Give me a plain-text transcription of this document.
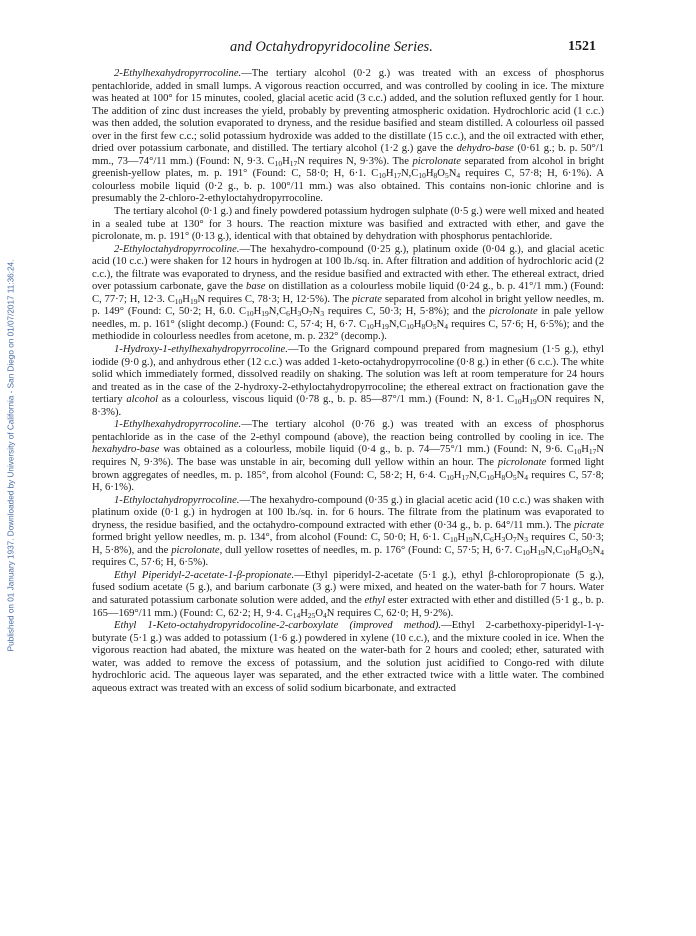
Published on 01 January 1937. Downloaded by University of California - San Diego on 01/07/2017 11:36:24.
and Octahydropyridocoline Series.	1521

2-Ethylhexahydropyrrocoline.—The tertiary alcohol (0·2 g.) was treated with an excess of phosphorus pentachloride, added in small lumps. A vigorous reaction occurred, and was controlled by cooling in ice. The mixture was heated at 100° for 15 minutes, cooled, glacial acetic acid (3 c.c.) added, and the solution refluxed gently for 1 hour. The addition of zinc dust increases the yield, probably by preventing atmospheric oxidation. Hydrochloric acid (1 c.c.) was then added, the solution evaporated to dryness, and the residue basified and steam distilled. A colourless oil passed over in the first few c.c.; solid potassium hydroxide was added to the distillate (15 c.c.), and the oil extracted with ether, dried over potassium carbonate, and distilled. The tertiary alcohol (1·2 g.) gave the dehydro-base (0·61 g.; b. p. 50°/1 mm., 73—74°/11 mm.) (Found: N, 9·3. $C_{10}H_{17}N$ requires N, 9·3%). The picrolonate separated from alcohol in bright greenish-yellow plates, m. p. 191° (Found: C, 58·0; H, 6·1. $C_{10}H_{17}N,C_{10}H_8O_5N_4$ requires C, 57·8; H, 6·1%). A colourless mobile liquid (0·2 g., b. p. 100°/11 mm.) was also obtained. This contains non-ionic chlorine and is presumably the 2-chloro-2-ethyloctahydropyrrocoline.

The tertiary alcohol (0·1 g.) and finely powdered potassium hydrogen sulphate (0·5 g.) were well mixed and heated in a sealed tube at 130° for 3 hours. The reaction mixture was basified and extracted with ether, and gave the picrolonate, m. p. 191° (0·13 g.), identical with that obtained by dehydration with phosphorus pentachloride.

2-Ethyloctahydropyrrocoline.—The hexahydro-compound (0·25 g.), platinum oxide (0·04 g.), and glacial acetic acid (10 c.c.) were shaken for 12 hours in hydrogen at 100 lb./sq. in. After filtration and addition of hydrochloric acid (2 c.c.), the filtrate was evaporated to dryness, and the residue basified and extracted with ether. The ethereal extract, dried over potassium carbonate, gave the base on distillation as a colourless mobile liquid (0·24 g., b. p. 41°/1 mm.) (Found: C, 77·7; H, 12·3. $C_{10}H_{19}N$ requires C, 78·3; H, 12·5%). The picrate separated from alcohol in bright yellow needles, m. p. 149° (Found: C, 50·2; H, 6.0. $C_{10}H_{19}N,C_6H_3O_7N_3$ requires C, 50·3; H, 5·8%); and the picrolonate in pale yellow needles, m. p. 161° (slight decomp.) (Found: C, 57·4; H, 6·7. $C_{10}H_{19}N,C_{10}H_8O_5N_4$ requires C, 57·6; H, 6·5%); and the methiodide in colourless needles from acetone, m. p. 232° (decomp.).

1-Hydroxy-1-ethylhexahydropyrrocoline.—To the Grignard compound prepared from magnesium (1·5 g.), ethyl iodide (9·0 g.), and anhydrous ether (12 c.c.) was added 1-keto-octahydropyrrocoline (0·8 g.) in ether (6 c.c.). The white solid which immediately formed, dissolved readily on shaking. The solution was left at room temperature for 24 hours and treated as in the case of the 2-hydroxy-2-ethyloctahydropyrrocoline; the ethereal extract on fractionation gave the tertiary alcohol as a colourless, viscous liquid (0·78 g., b. p. 85—87°/1 mm.) (Found: N, 8·1. $C_{10}H_{19}ON$ requires N, 8·3%).

1-Ethylhexahydropyrrocoline.—The tertiary alcohol (0·76 g.) was treated with an excess of phosphorus pentachloride as in the case of the 2-ethyl compound (above), the reaction being controlled by cooling in ice. The hexahydro-base was obtained as a colourless, mobile liquid (0·4 g., b. p. 74—75°/1 mm.) (Found: N, 9·6. $C_{10}H_{17}N$ requires N, 9·3%). The base was unstable in air, becoming dull yellow within an hour. The picrolonate formed light brown aggregates of needles, m. p. 185°, from alcohol (Found: C, 58·2; H, 6·4. $C_{10}H_{17}N,C_{10}H_8O_5N_4$ requires C, 57·8; H, 6·1%).

1-Ethyloctahydropyrrocoline.—The hexahydro-compound (0·35 g.) in glacial acetic acid (10 c.c.) was shaken with platinum oxide (0·1 g.) in hydrogen at 100 lb./sq. in. for 6 hours. The filtrate from the platinum was evaporated to dryness, the residue basified, and the octahydro-compound extracted with ether (0·34 g., b. p. 64°/11 mm.). The picrate formed bright yellow needles, m. p. 134°, from alcohol (Found: C, 50·0; H, 6·1. $C_{10}H_{19}N,C_6H_3O_7N_3$ requires C, 50·3; H, 5·8%), and the picrolonate, dull yellow rosettes of needles, m. p. 176° (Found: C, 57·5; H, 6·7. $C_{10}H_{19}N,C_{10}H_8O_5N_4$ requires C, 57·6; H, 6·5%).

Ethyl Piperidyl-2-acetate-1-β-propionate.—Ethyl piperidyl-2-acetate (5·1 g.), ethyl β-chloropropionate (5 g.), fused sodium acetate (5 g.), and barium carbonate (3 g.) were mixed, and heated on the water-bath for 7 hours. Water and saturated potassium carbonate solution were added, and the ethyl ester extracted with ether and distilled (5·1 g., b. p. 165—169°/11 mm.) (Found: C, 62·2; H, 9·4. $C_{14}H_{25}O_4N$ requires C, 62·0; H, 9·2%).

Ethyl 1-Keto-octahydropyridocoline-2-carboxylate (improved method).—Ethyl 2-carbethoxy-piperidyl-1-γ-butyrate (5·1 g.) was added to potassium (1·6 g.) powdered in xylene (10 c.c.), and the mixture cooled in ice. When the vigorous reaction had abated, the mixture was heated on the water-bath for 2 hours and cooled; ether, saturated with water, was added to remove the excess of potassium, and the solution just acidified to Congo-red with dilute hydrochloric acid. The aqueous layer was separated, and the ether extracted twice with a little water. The combined aqueous extract was treated with an excess of solid sodium bicarbonate, and extracted
